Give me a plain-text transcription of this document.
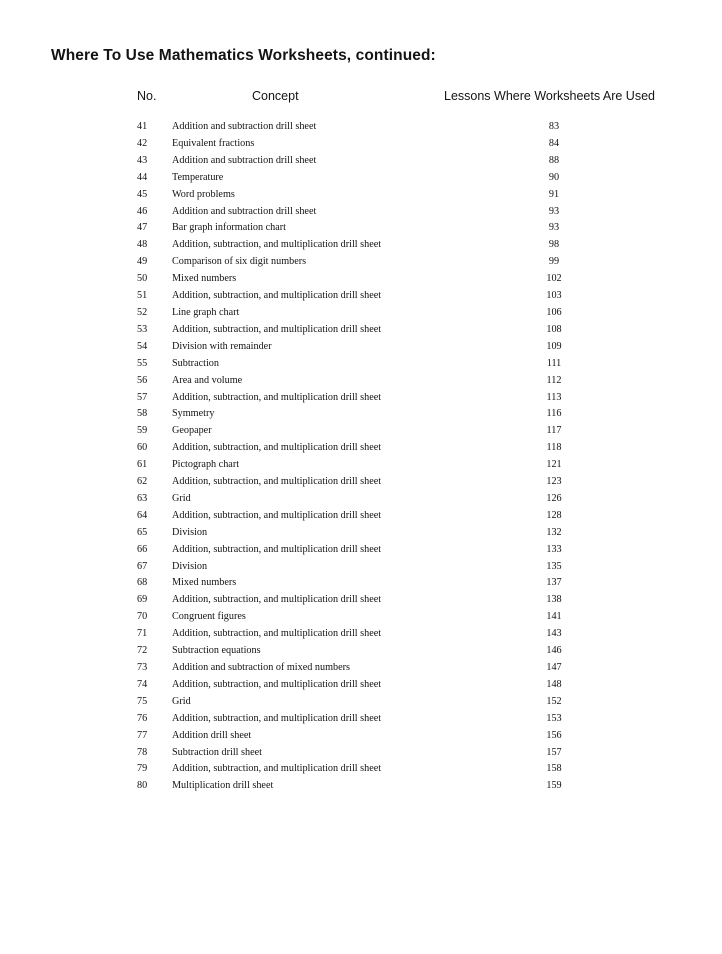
Where To Use Mathematics Worksheets, continued:
No.	Concept	Lessons Where Worksheets Are Used
41 Addition and subtraction drill sheet	83
42 Equivalent fractions	84
43 Addition and subtraction drill sheet	88
44 Temperature	90
45 Word problems	91
46 Addition and subtraction drill sheet	93
47 Bar graph information chart	93
48 Addition, subtraction, and multiplication drill sheet	98
49 Comparison of six digit numbers	99
50 Mixed numbers	102
51 Addition, subtraction, and multiplication drill sheet	103
52 Line graph chart	106
53 Addition, subtraction, and multiplication drill sheet	108
54 Division with remainder	109
55 Subtraction	111
56 Area and volume	112
57 Addition, subtraction, and multiplication drill sheet	113
58 Symmetry	116
59 Geopaper	117
60 Addition, subtraction, and multiplication drill sheet	118
61 Pictograph chart	121
62 Addition, subtraction, and multiplication drill sheet	123
63 Grid	126
64 Addition, subtraction, and multiplication drill sheet	128
65 Division	132
66 Addition, subtraction, and multiplication drill sheet	133
67 Division	135
68 Mixed numbers	137
69 Addition, subtraction, and multiplication drill sheet	138
70 Congruent figures	141
71 Addition, subtraction, and multiplication drill sheet	143
72 Subtraction equations	146
73 Addition and subtraction of mixed numbers	147
74 Addition, subtraction, and multiplication drill sheet	148
75 Grid	152
76 Addition, subtraction, and multiplication drill sheet	153
77 Addition drill sheet	156
78 Subtraction drill sheet	157
79 Addition, subtraction, and multiplication drill sheet	158
80 Multiplication drill sheet	159
